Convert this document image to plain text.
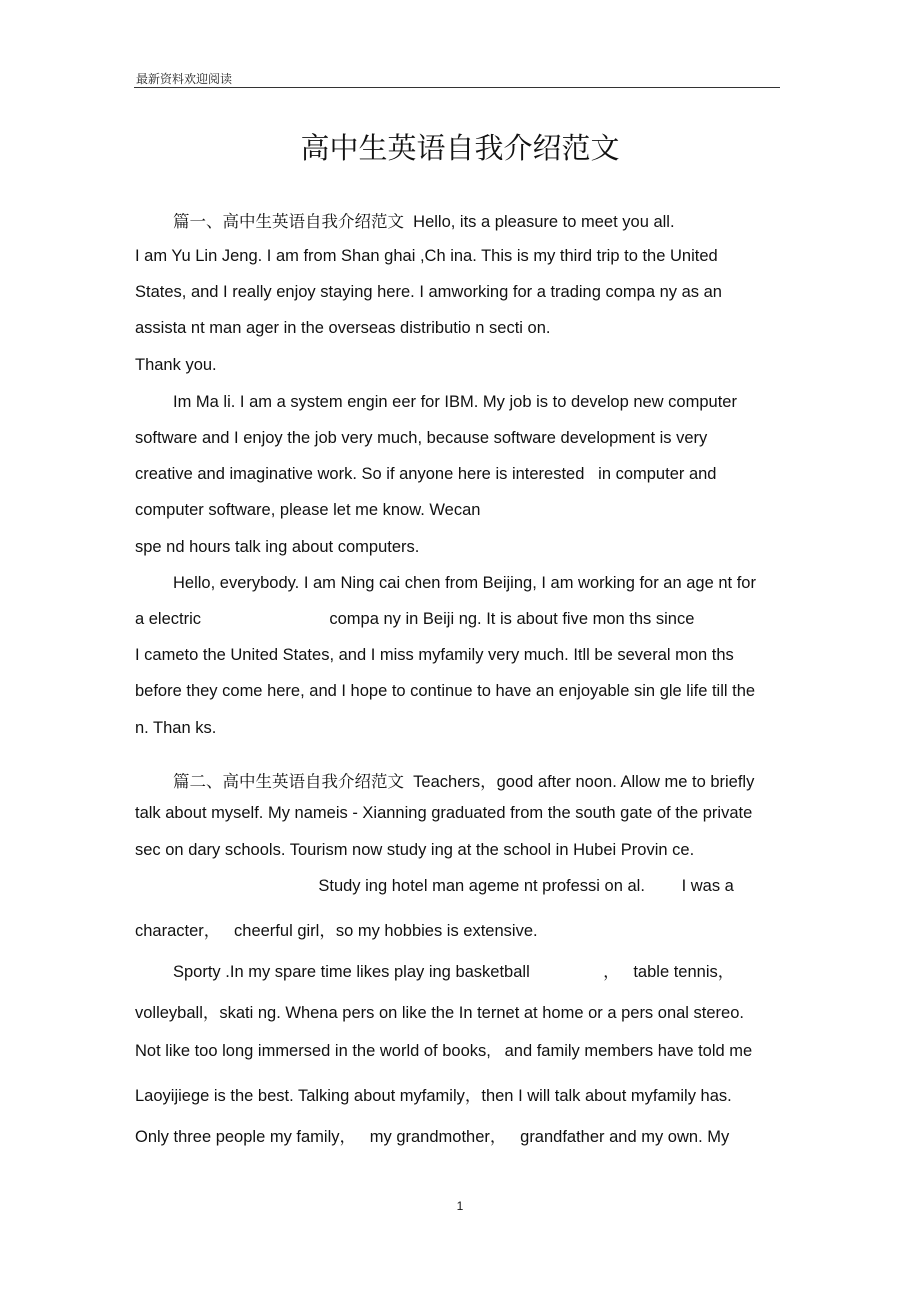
最新资料欢迎阅读
高中生英语自我介绍范文
篇一、高中生英语自我介绍范文  Hello, its a pleasure to meet you all.
I am Yu Lin Jeng. I am from Shan ghai ,Ch ina. This is my third trip to the United
States, and I really enjoy staying here. I amworking for a trading compa ny as an
assista nt man ager in the overseas distributio n secti on.
Thank you.
Im Ma li. I am a system engin eer for IBM. My job is to develop new computer
software and I enjoy the job very much, because software development is very
creative and imaginative work. So if anyone here is interested   in computer and
computer software, please let me know. Wecan
spe nd hours talk ing about computers.
Hello, everybody. I am Ning cai chen from Beijing, I am working for an age nt for
a electric                            compa ny in Beiji ng. It is about five mon ths since
I cameto the United States, and I miss myfamily very much. Itll be several mon ths
before they come here, and I hope to continue to have an enjoyable sin gle life till the
n. Than ks.
篇二、高中生英语自我介绍范文  Teachers，good after noon. Allow me to briefly
talk about myself. My nameis - Xianning graduated from the south gate of the private
sec on dary schools. Tourism now study ing at the school in Hubei Provin ce.
Study ing hotel man ageme nt professi on al.        I was a
character，   cheerful girl，so my hobbies is extensive.
Sporty .In my spare time likes play ing basketball                ，   table tennis，
volleyball，skati ng. Whena pers on like the In ternet at home or a pers onal stereo.
Not like too long immersed in the world of books,   and family members have told me
Laoyijiege is the best. Talking about myfamily，then I will talk about myfamily has.
Only three people my family，   my grandmother，   grandfather and my own. My
1
